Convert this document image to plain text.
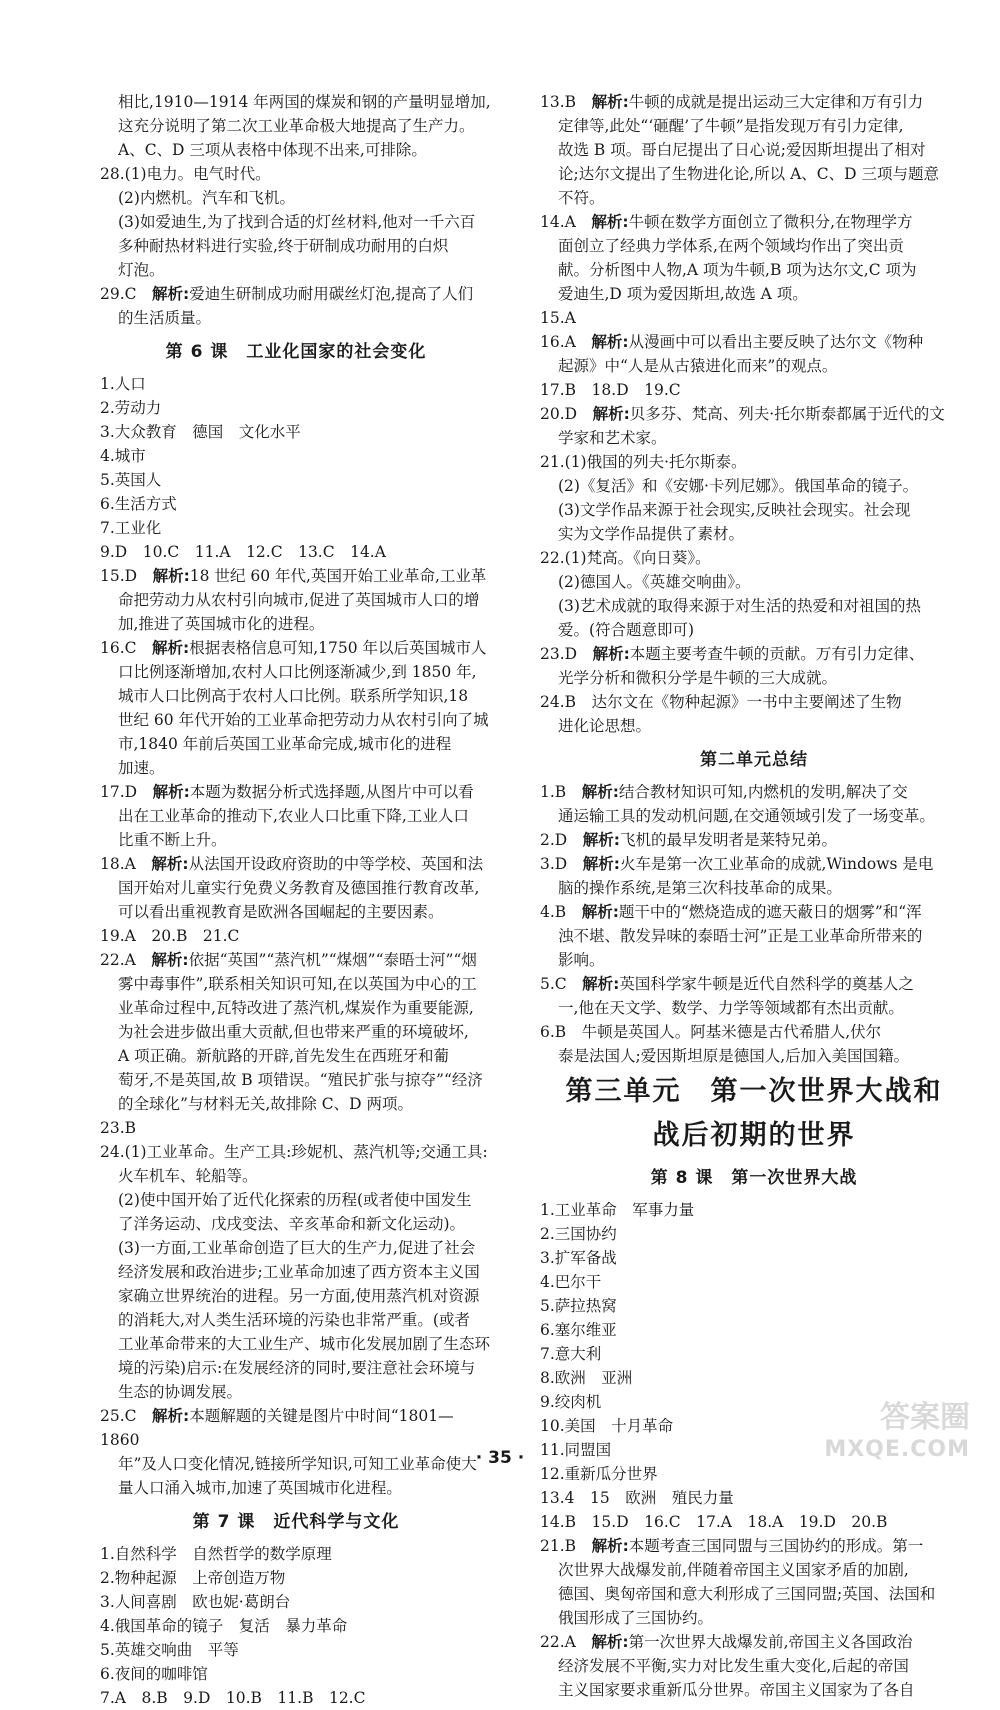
相比,1910—1914 年两国的煤炭和钢的产量明显增加,
这充分说明了第二次工业革命极大地提高了生产力。
A、C、D 三项从表格中体现不出来,可排除。
28.(1)电力。电气时代。
(2)内燃机。汽车和飞机。
(3)如爱迪生,为了找到合适的灯丝材料,他对一千六百
多种耐热材料进行实验,终于研制成功耐用的白炽
灯泡。
29.C　 解析:爱迪生研制成功耐用碳丝灯泡,提高了人们
的生活质量。
第 6 课　工业化国家的社会变化
1.人口
2.劳动力
3.大众教育　德国　文化水平
4.城市
5.英国人
6.生活方式
7.工业化
9.D　10.C　11.A　12.C　13.C　14.A
15.D　 解析:18 世纪 60 年代,英国开始工业革命,工业革
命把劳动力从农村引向城市,促进了英国城市人口的增
加,推进了英国城市化的进程。
16.C　 解析:根据表格信息可知,1750 年以后英国城市人
口比例逐渐增加,农村人口比例逐渐减少,到 1850 年,
城市人口比例高于农村人口比例。联系所学知识,18
世纪 60 年代开始的工业革命把劳动力从农村引向了城
市,1840 年前后英国工业革命完成,城市化的进程
加速。
17.D　 解析:本题为数据分析式选择题,从图片中可以看
出在工业革命的推动下,农业人口比重下降,工业人口
比重不断上升。
18.A　 解析:从法国开设政府资助的中等学校、英国和法
国开始对儿童实行免费义务教育及德国推行教育改革,
可以看出重视教育是欧洲各国崛起的主要因素。
19.A　20.B　21.C
22.A　 解析:依据“英国”“蒸汽机”“煤烟”“泰晤士河”“烟
雾中毒事件”,联系相关知识可知,在以英国为中心的工
业革命过程中,瓦特改进了蒸汽机,煤炭作为重要能源,
为社会进步做出重大贡献,但也带来严重的环境破坏,
A 项正确。新航路的开辟,首先发生在西班牙和葡
萄牙,不是英国,故 B 项错误。“殖民扩张与掠夺”“经济
的全球化”与材料无关,故排除 C、D 两项。
23.B
24.(1)工业革命。生产工具:珍妮机、蒸汽机等;交通工具:
火车机车、轮船等。
(2)使中国开始了近代化探索的历程(或者使中国发生
了洋务运动、戊戌变法、辛亥革命和新文化运动)。
(3)一方面,工业革命创造了巨大的生产力,促进了社会
经济发展和政治进步;工业革命加速了西方资本主义国
家确立世界统治的进程。另一方面,使用蒸汽机对资源
的消耗大,对人类生活环境的污染也非常严重。(或者
工业革命带来的大工业生产、城市化发展加剧了生态环
境的污染)启示:在发展经济的同时,要注意社会环境与
生态的协调发展。
25.C　 解析:本题解题的关键是图片中时间“1801—1860
年”及人口变化情况,链接所学知识,可知工业革命使大
量人口涌入城市,加速了英国城市化进程。
第 7 课　近代科学与文化
1.自然科学　自然哲学的数学原理
2.物种起源　上帝创造万物
3.人间喜剧　欧也妮·葛朗台
4.俄国革命的镜子　复活　暴力革命
5.英雄交响曲　平等
6.夜间的咖啡馆
7.A　8.B　9.D　10.B　11.B　12.C
13.B　 解析:牛顿的成就是提出运动三大定律和万有引力
定律等,此处“‘砸醒’了牛顿”是指发现万有引力定律,
故选 B 项。哥白尼提出了日心说;爱因斯坦提出了相对
论;达尔文提出了生物进化论,所以 A、C、D 三项与题意
不符。
14.A　 解析:牛顿在数学方面创立了微积分,在物理学方
面创立了经典力学体系,在两个领域均作出了突出贡
献。分析图中人物,A 项为牛顿,B 项为达尔文,C 项为
爱迪生,D 项为爱因斯坦,故选 A 项。
15.A
16.A　 解析:从漫画中可以看出主要反映了达尔文《物种
起源》中“人是从古猿进化而来”的观点。
17.B　18.D　19.C
20.D　 解析:贝多芬、梵高、列夫·托尔斯泰都属于近代的文
学家和艺术家。
21.(1)俄国的列夫·托尔斯泰。
(2)《复活》和《安娜·卡列尼娜》。俄国革命的镜子。
(3)文学作品来源于社会现实,反映社会现实。社会现
实为文学作品提供了素材。
22.(1)梵高。《向日葵》。
(2)德国人。《英雄交响曲》。
(3)艺术成就的取得来源于对生活的热爱和对祖国的热
爱。(符合题意即可)
23.D　 解析:本题主要考查牛顿的贡献。万有引力定律、
光学分析和微积分学是牛顿的三大成就。
24.B　 达尔文在《物种起源》一书中主要阐述了生物
进化论思想。
第二单元总结
1.B　 解析:结合教材知识可知,内燃机的发明,解决了交
通运输工具的发动机问题,在交通领域引发了一场变革。
2.D　 解析:飞机的最早发明者是莱特兄弟。
3.D　 解析:火车是第一次工业革命的成就,Windows 是电
脑的操作系统,是第三次科技革命的成果。
4.B　 解析:题干中的“燃烧造成的遮天蔽日的烟雾”和“浑
浊不堪、散发异味的泰晤士河”正是工业革命所带来的
影响。
5.C　 解析:英国科学家牛顿是近代自然科学的奠基人之
一,他在天文学、数学、力学等领域都有杰出贡献。
6.B　 牛顿是英国人。阿基米德是古代希腊人,伏尔
泰是法国人;爱因斯坦原是德国人,后加入美国国籍。
第三单元　第一次世界大战和
战后初期的世界
第 8 课　第一次世界大战
1.工业革命　军事力量
2.三国协约
3.扩军备战
4.巴尔干
5.萨拉热窝
6.塞尔维亚
7.意大利
8.欧洲　亚洲
9.绞肉机
10.美国　十月革命
11.同盟国
12.重新瓜分世界
13.4　15　欧洲　殖民力量
14.B　15.D　16.C　17.A　18.A　19.D　20.B
21.B　 解析:本题考查三国同盟与三国协约的形成。第一
次世界大战爆发前,伴随着帝国主义国家矛盾的加剧,
德国、奥匈帝国和意大利形成了三国同盟;英国、法国和
俄国形成了三国协约。
22.A　 解析:第一次世界大战爆发前,帝国主义各国政治
经济发展不平衡,实力对比发生重大变化,后起的帝国
主义国家要求重新瓜分世界。帝国主义国家为了各自
· 35 ·
答案圈
MXQE.COM
